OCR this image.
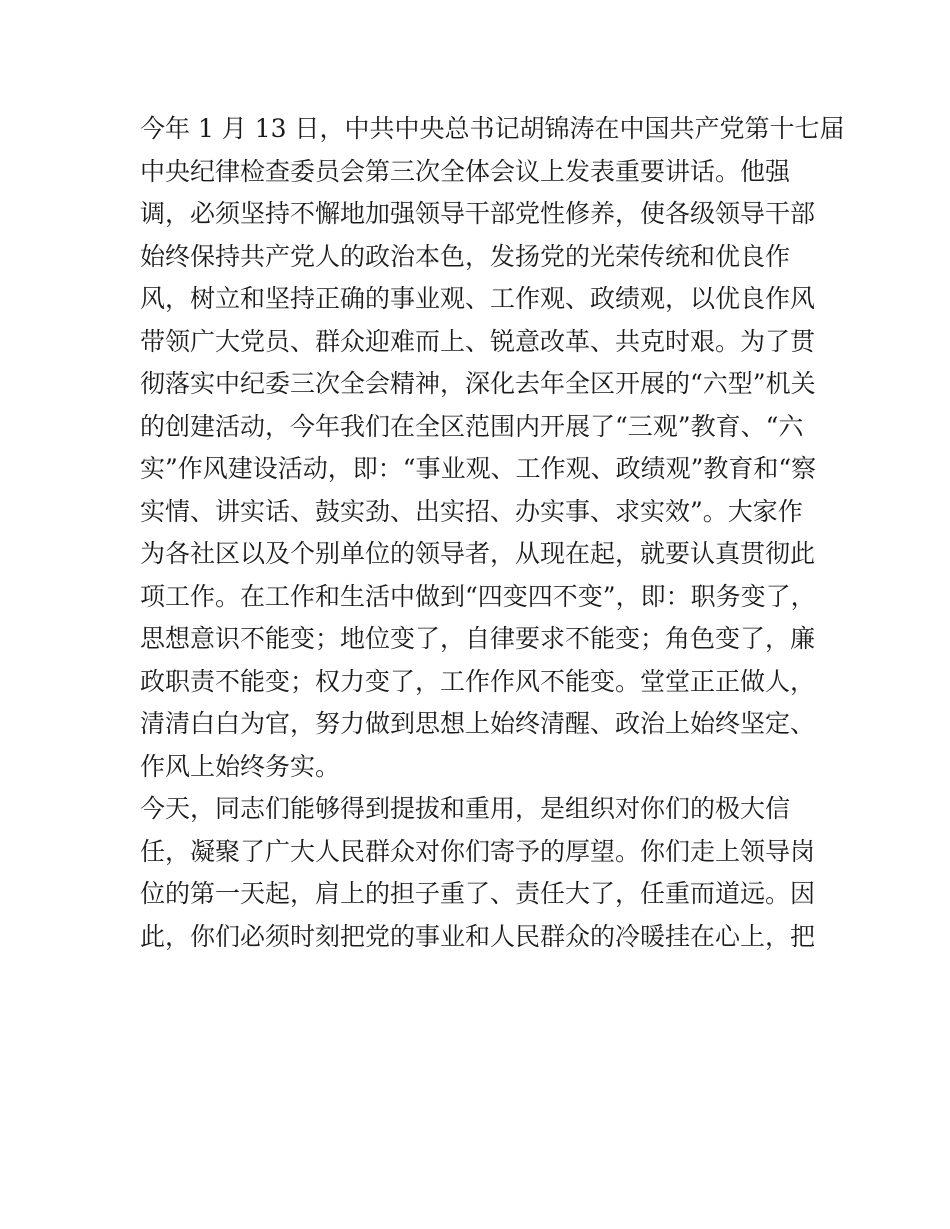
今年 1 月 13 日，中共中央总书记胡锦涛在中国共产党第十七届
中央纪律检查委员会第三次全体会议上发表重要讲话。他强
调，必须坚持不懈地加强领导干部党性修养，使各级领导干部
始终保持共产党人的政治本色，发扬党的光荣传统和优良作
风，树立和坚持正确的事业观、工作观、政绩观，以优良作风
带领广大党员、群众迎难而上、锐意改革、共克时艰。为了贯
彻落实中纪委三次全会精神，深化去年全区开展的“六型”机关
的创建活动，今年我们在全区范围内开展了“三观”教育、“六
实”作风建设活动，即：“事业观、工作观、政绩观”教育和“察
实情、讲实话、鼓实劲、出实招、办实事、求实效”。大家作
为各社区以及个别单位的领导者，从现在起，就要认真贯彻此
项工作。在工作和生活中做到“四变四不变”，即：职务变了，
思想意识不能变；地位变了，自律要求不能变；角色变了，廉
政职责不能变；权力变了，工作作风不能变。堂堂正正做人，
清清白白为官，努力做到思想上始终清醒、政治上始终坚定、
作风上始终务实。
今天，同志们能够得到提拔和重用，是组织对你们的极大信
任，凝聚了广大人民群众对你们寄予的厚望。你们走上领导岗
位的第一天起，肩上的担子重了、责任大了，任重而道远。因
此，你们必须时刻把党的事业和人民群众的冷暖挂在心上，把
